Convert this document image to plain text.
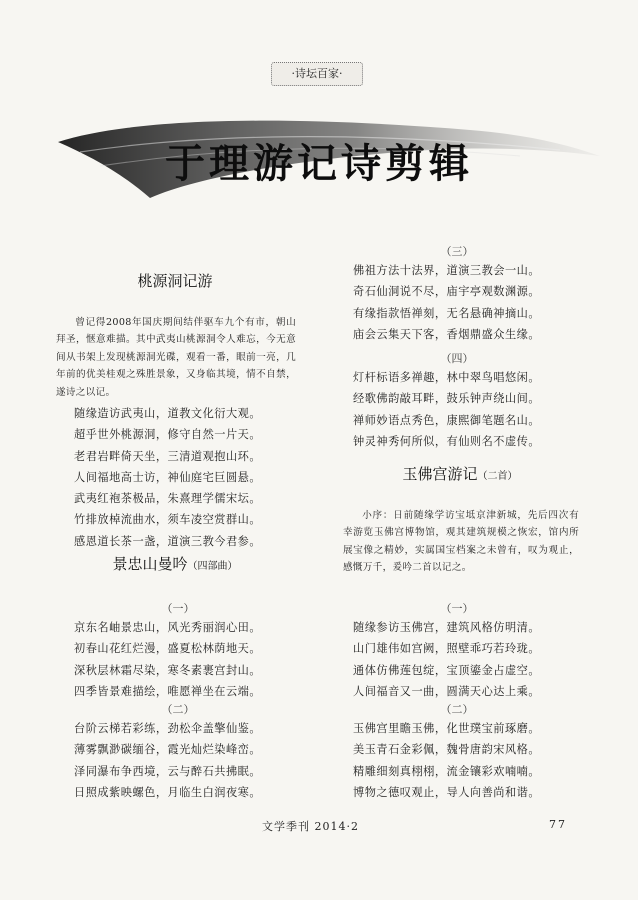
·诗坛百家·
于理游记诗剪辑
桃源洞记游

曾记得2008年国庆期间结伴驱车九个有市，朝山拜圣，惬意难描。其中武夷山桃源洞令人难忘，今无意间从书架上发现桃源洞光碟，观看一番，眼前一亮，几年前的优美桂观之殊胜景象，又身临其境，情不自禁，遂诗之以记。

随缘造访武夷山，道教文化衍大观。
超乎世外桃源洞，修守自然一片天。
老君岩畔倚天坐，三清道观抱山环。
人间福地高士访，神仙庭宅巨圆悬。
武夷红袍茶极品，朱熹理学儒宋坛。
竹排放棹流曲水，须车凌空赏群山。
感恩道长茶一盏，道演三教今君参。
景忠山曼吟（四部曲）
（一）
京东名岫景忠山，风光秀丽润心田。
初春山花红烂漫，盛夏松林荫地天。
深秋层林霜尽染，寒冬素裹宫封山。
四季皆景难描绘，唯愿禅坐在云端。
（二）
台阶云梯若彩练，劲松伞盖擎仙鉴。
薄雾飘渺碳缅谷，霞光灿烂染峰峦。
泽同瀑布争西境，云与醉石共拂眠。
日照成紫映螺色，月临生白润夜寒。
（三）
佛祖方法十法界，道演三教会一山。
奇石仙洞说不尽，庙宇亭观数渊源。
有缘指款悟禅刻，无名悬确神摘山。
庙会云集天下客，香烟鼎盛众生缘。
（四）
灯杆标语多禅趣，林中翠鸟唱悠闲。
经歌佛韵敲耳畔，鼓乐钟声绕山间。
禅师妙语点秀色，康熙御笔题名山。
钟灵神秀何所似，有仙则名不虚传。
玉佛宫游记（二首）

小序：日前随缘学访宝坻京津新城，先后四次有幸游览玉佛宫博物馆，观其建筑规模之恢宏，馆内所展宝像之精妙，实属国宝档案之未曾有，叹为观止，感慨万千，爰吟二首以记之。

（一）
随缘参访玉佛宫，建筑风格仿明清。
山门雄伟如宫阙，照壁乖巧若玲珑。
通体仿佛莲包绽，宝顶鎏金占虚空。
人间福音又一曲，圆满天心达上乘。
（二）
玉佛宫里瞻玉佛，化世璞宝前琢磨。
美玉青石金彩佩，魏骨唐韵宋风格。
精雕细刻真栩栩，流金镶彩欢喃喃。
博物之德叹观止，导人向善尚和谐。
文学季刊 2014·2	77
